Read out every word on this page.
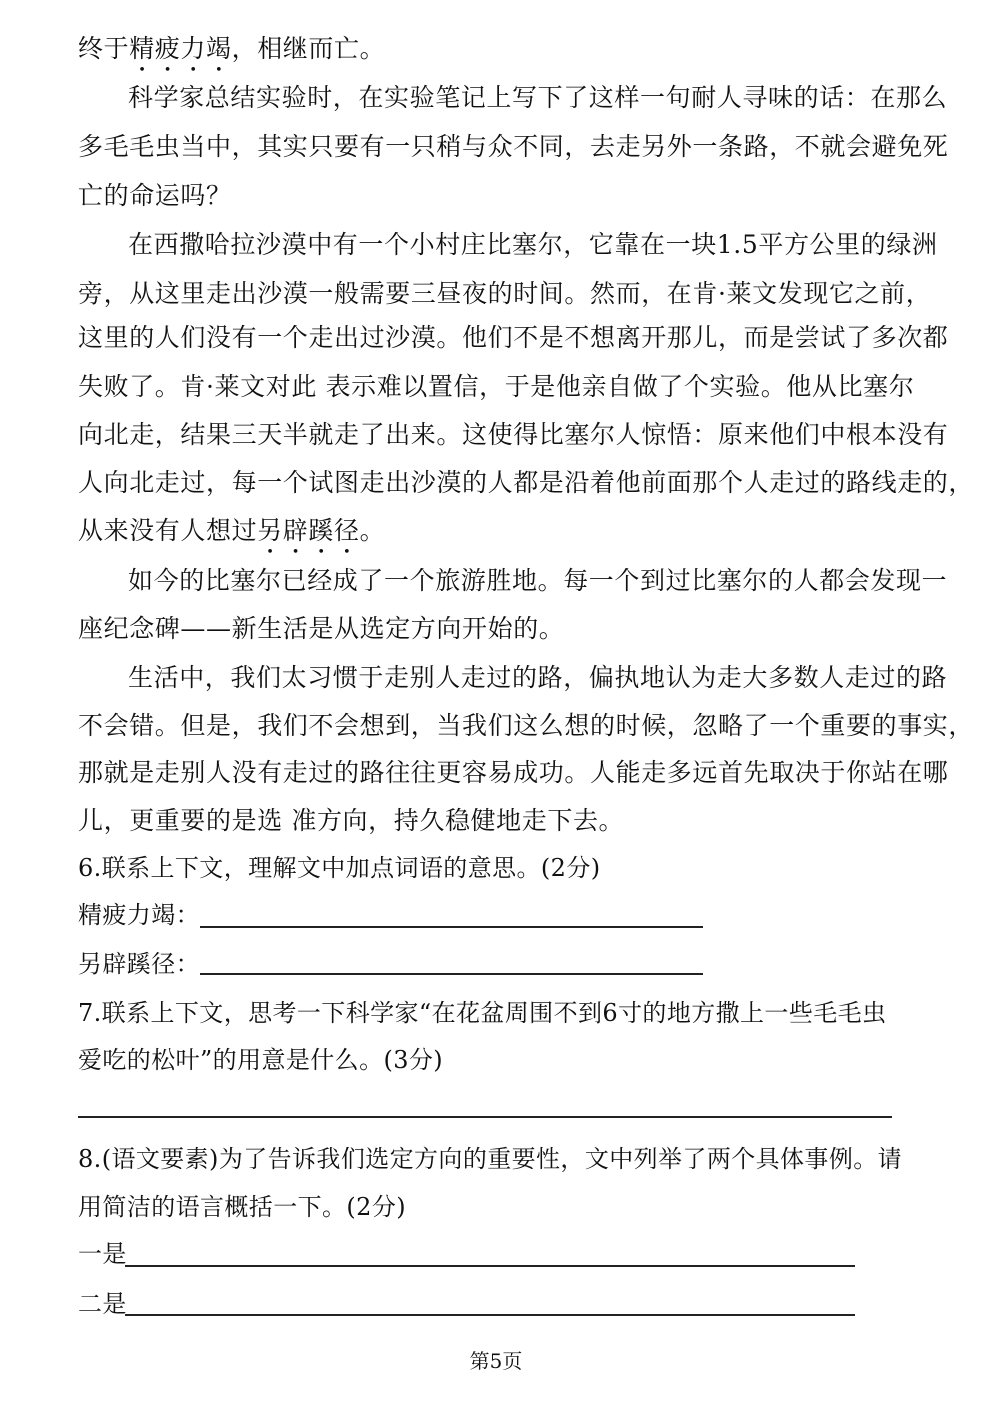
终于精疲力竭，相继而亡。
科学家总结实验时，在实验笔记上写下了这样一句耐人寻味的话：在那么
多毛毛虫当中，其实只要有一只稍与众不同，去走另外一条路，不就会避免死
亡的命运吗？
在西撒哈拉沙漠中有一个小村庄比塞尔，它靠在一块1.5平方公里的绿洲
旁，从这里走出沙漠一般需要三昼夜的时间。然而，在肯·莱文发现它之前，
这里的人们没有一个走出过沙漠。他们不是不想离开那儿，而是尝试了多次都
失败了。肯·莱文对此 表示难以置信，于是他亲自做了个实验。他从比塞尔
向北走，结果三天半就走了出来。这使得比塞尔人惊悟：原来他们中根本没有
人向北走过，每一个试图走出沙漠的人都是沿着他前面那个人走过的路线走的，
从来没有人想过另辟蹊径。
如今的比塞尔已经成了一个旅游胜地。每一个到过比塞尔的人都会发现一
座纪念碑——新生活是从选定方向开始的。
生活中，我们太习惯于走别人走过的路，偏执地认为走大多数人走过的路
不会错。但是，我们不会想到，当我们这么想的时候，忽略了一个重要的事实，
那就是走别人没有走过的路往往更容易成功。人能走多远首先取决于你站在哪
儿，更重要的是选 准方向，持久稳健地走下去。
6.联系上下文，理解文中加点词语的意思。(2分)
精疲力竭：
另辟蹊径：
7.联系上下文，思考一下科学家“在花盆周围不到6寸的地方撒上一些毛毛虫
爱吃的松叶”的用意是什么。(3分)
8.(语文要素)为了告诉我们选定方向的重要性，文中列举了两个具体事例。请
用简洁的语言概括一下。(2分)
一是
二是
第5页
